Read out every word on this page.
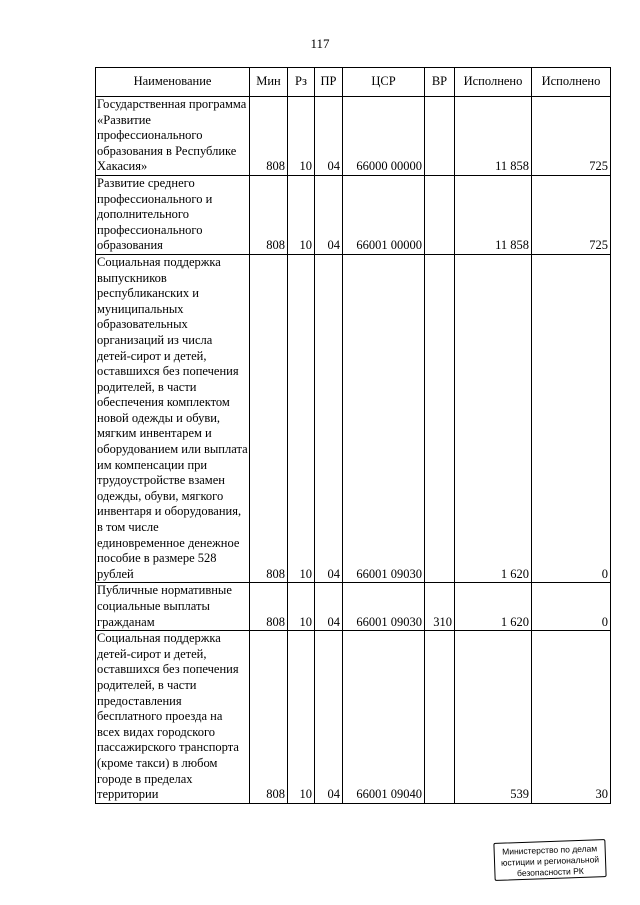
117
Наименование	Мин	Рз	ПР	ЦСР	ВР	Исполнено	Исполнено
Государственная программа «Развитие профессионального образования в Республике Хакасия»	808	10	04	66000 00000		11 858	725
Развитие среднего профессионального и дополнительного профессионального образования	808	10	04	66001 00000		11 858	725
Социальная поддержка выпускников республиканских и муниципальных образовательных организаций из числа детей-сирот и детей, оставшихся без попечения родителей, в части обеспечения комплектом новой одежды и обуви, мягким инвентарем и оборудованием или выплата им компенсации при трудоустройстве взамен одежды, обуви, мягкого инвентаря и оборудования, в том числе единовременное денежное пособие в размере 528 рублей	808	10	04	66001 09030		1 620	0
Публичные нормативные социальные выплаты гражданам	808	10	04	66001 09030	310	1 620	0
Социальная поддержка детей-сирот и детей, оставшихся без попечения родителей, в части предоставления бесплатного проезда на всех видах городского пассажирского транспорта (кроме такси) в любом городе в пределах территории	808	10	04	66001 09040		539	30
Министерство по делам
юстиции и региональной
безопасности РК
